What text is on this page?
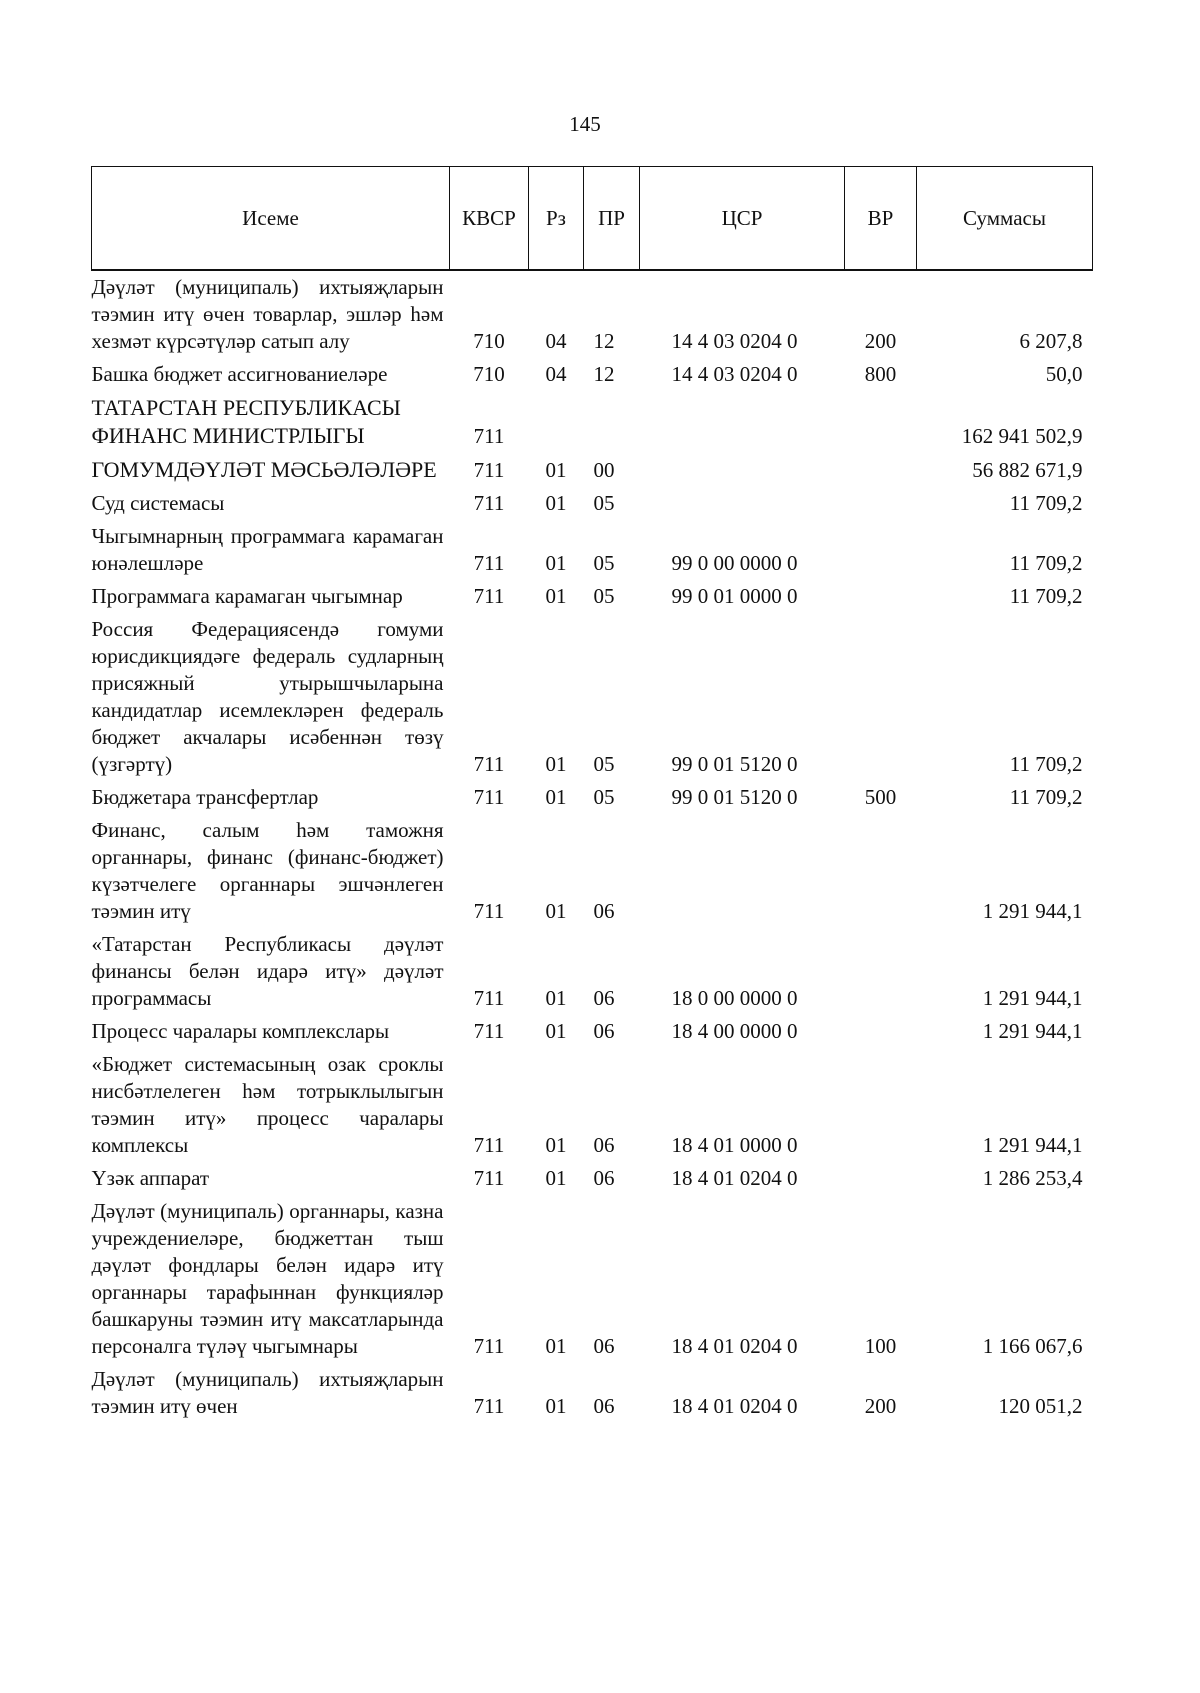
145
Исеме	КВСР	Рз	ПР	ЦСР	ВР	Суммасы
Дәүләт (муниципаль) ихтыяҗларын тәэмин итү өчен товарлар, эшләр һәм хезмәт күрсәтүләр сатып алу	710	04	12	14 4 03 0204 0	200	6 207,8
Башка бюджет ассигнованиеләре	710	04	12	14 4 03 0204 0	800	50,0
ТАТАРСТАН РЕСПУБЛИКАСЫ ФИНАНС МИНИСТРЛЫГЫ	711					162 941 502,9
ГОМУМДӘҮЛӘТ МӘСЬӘЛӘЛӘРЕ	711	01	00			56 882 671,9
Суд системасы	711	01	05			11 709,2
Чыгымнарның программага карамаган юнәлешләре	711	01	05	99 0 00 0000 0		11 709,2
Программага карамаган чыгымнар	711	01	05	99 0 01 0000 0		11 709,2
Россия Федерациясендә гомуми юрисдикциядәге федераль судларның присяжный утырышчыларына кандидатлар исемлекләрен федераль бюджет акчалары исәбеннән төзү (үзгәртү)	711	01	05	99 0 01 5120 0		11 709,2
Бюджетара трансфертлар	711	01	05	99 0 01 5120 0	500	11 709,2
Финанс, салым һәм таможня органнары, финанс (финанс-бюджет) күзәтчелеге органнары эшчәнлеген тәэмин итү	711	01	06			1 291 944,1
«Татарстан Республикасы дәүләт финансы белән идарә итү» дәүләт программасы	711	01	06	18 0 00 0000 0		1 291 944,1
Процесс чаралары комплекслары	711	01	06	18 4 00 0000 0		1 291 944,1
«Бюджет системасының озак сроклы нисбәтлелеген һәм тотрыклылыгын тәэмин итү» процесс чаралары комплексы	711	01	06	18 4 01 0000 0		1 291 944,1
Үзәк аппарат	711	01	06	18 4 01 0204 0		1 286 253,4
Дәүләт (муниципаль) органнары, казна учреждениеләре, бюджеттан тыш дәүләт фондлары белән идарә итү органнары тарафыннан функцияләр башкаруны тәэмин итү максатларында персоналга түләү чыгымнары	711	01	06	18 4 01 0204 0	100	1 166 067,6
Дәүләт (муниципаль) ихтыяҗларын тәэмин итү өчен	711	01	06	18 4 01 0204 0	200	120 051,2
